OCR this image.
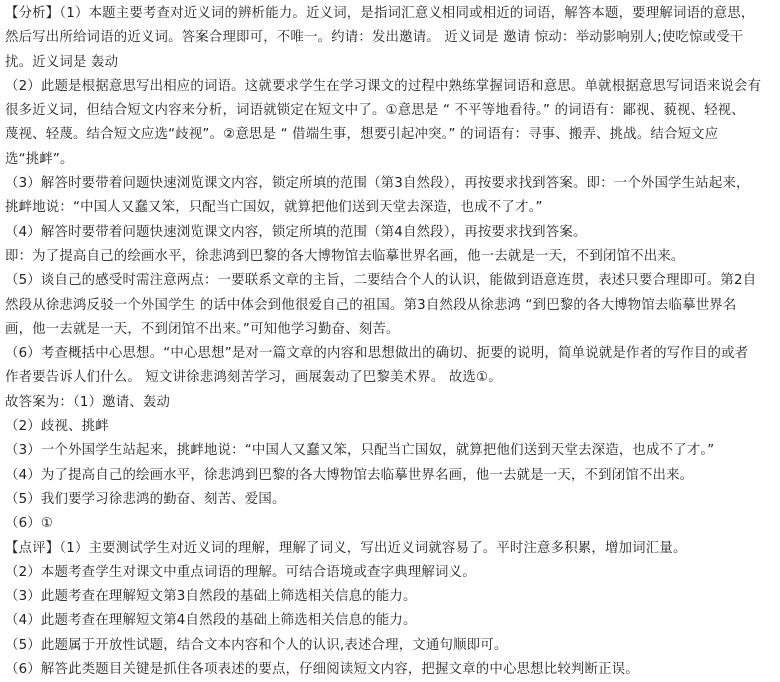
【分析】（1）本题主要考查对近义词的辨析能力。近义词，是指词汇意义相同或相近的词语，解答本题，要理解词语的意思，
然后写出所给词语的近义词。答案合理即可，不唯一。约请：发出邀请。 近义词是 邀请 惊动：举动影响别人;使吃惊或受干
扰。近义词是 轰动
（2）此题是根据意思写出相应的词语。这就要求学生在学习课文的过程中熟练掌握词语和意思。单就根据意思写词语来说会有
很多近义词，但结合短文内容来分析，词语就锁定在短文中了。①意思是 “ 不平等地看待。” 的词语有：鄙视、藐视、轻视、
蔑视、轻蔑。结合短文应选“歧视”。②意思是 “ 借端生事，想要引起冲突。” 的词语有：寻事、搬弄、挑战。结合短文应
选“挑衅”。
（3）解答时要带着问题快速浏览课文内容，锁定所填的范围（第3自然段），再按要求找到答案。即：一个外国学生站起来，
挑衅地说：“中国人又蠢又笨，只配当亡国奴，就算把他们送到天堂去深造，也成不了才。”
（4）解答时要带着问题快速浏览课文内容，锁定所填的范围（第4自然段），再按要求找到答案。
即：为了提高自己的绘画水平，徐悲鸿到巴黎的各大博物馆去临摹世界名画，他一去就是一天，不到闭馆不出来。
（5）谈自己的感受时需注意两点：一要联系文章的主旨，二要结合个人的认识，能做到语意连贯，表述只要合理即可。第2自
然段从徐悲鸿反驳一个外国学生 的话中体会到他很爱自己的祖国。第3自然段从徐悲鸿 “到巴黎的各大博物馆去临摹世界名
画，他一去就是一天，不到闭馆不出来。”可知他学习勤奋、刻苦。
（6）考查概括中心思想。“中心思想”是对一篇文章的内容和思想做出的确切、扼要的说明，简单说就是作者的写作目的或者
作者要告诉人们什么。 短文讲徐悲鸿刻苦学习，画展轰动了巴黎美术界。 故选①。
故答案为：（1）邀请、轰动
（2）歧视、挑衅
（3）一个外国学生站起来，挑衅地说：“中国人又蠢又笨，只配当亡国奴，就算把他们送到天堂去深造，也成不了才。”
（4）为了提高自己的绘画水平，徐悲鸿到巴黎的各大博物馆去临摹世界名画，他一去就是一天，不到闭馆不出来。
（5）我们要学习徐悲鸿的勤奋、刻苦、爱国。
（6）①
【点评】（1）主要测试学生对近义词的理解，理解了词义，写出近义词就容易了。平时注意多积累，增加词汇量。
（2）本题考查学生对课文中重点词语的理解。可结合语境或查字典理解词义。
（3）此题考查在理解短文第3自然段的基础上筛选相关信息的能力。
（4）此题考查在理解短文第4自然段的基础上筛选相关信息的能力。
（5）此题属于开放性试题，结合文本内容和个人的认识,表述合理，文通句顺即可。
（6）解答此类题目关键是抓住各项表述的要点，仔细阅读短文内容，把握文章的中心思想比较判断正误。
